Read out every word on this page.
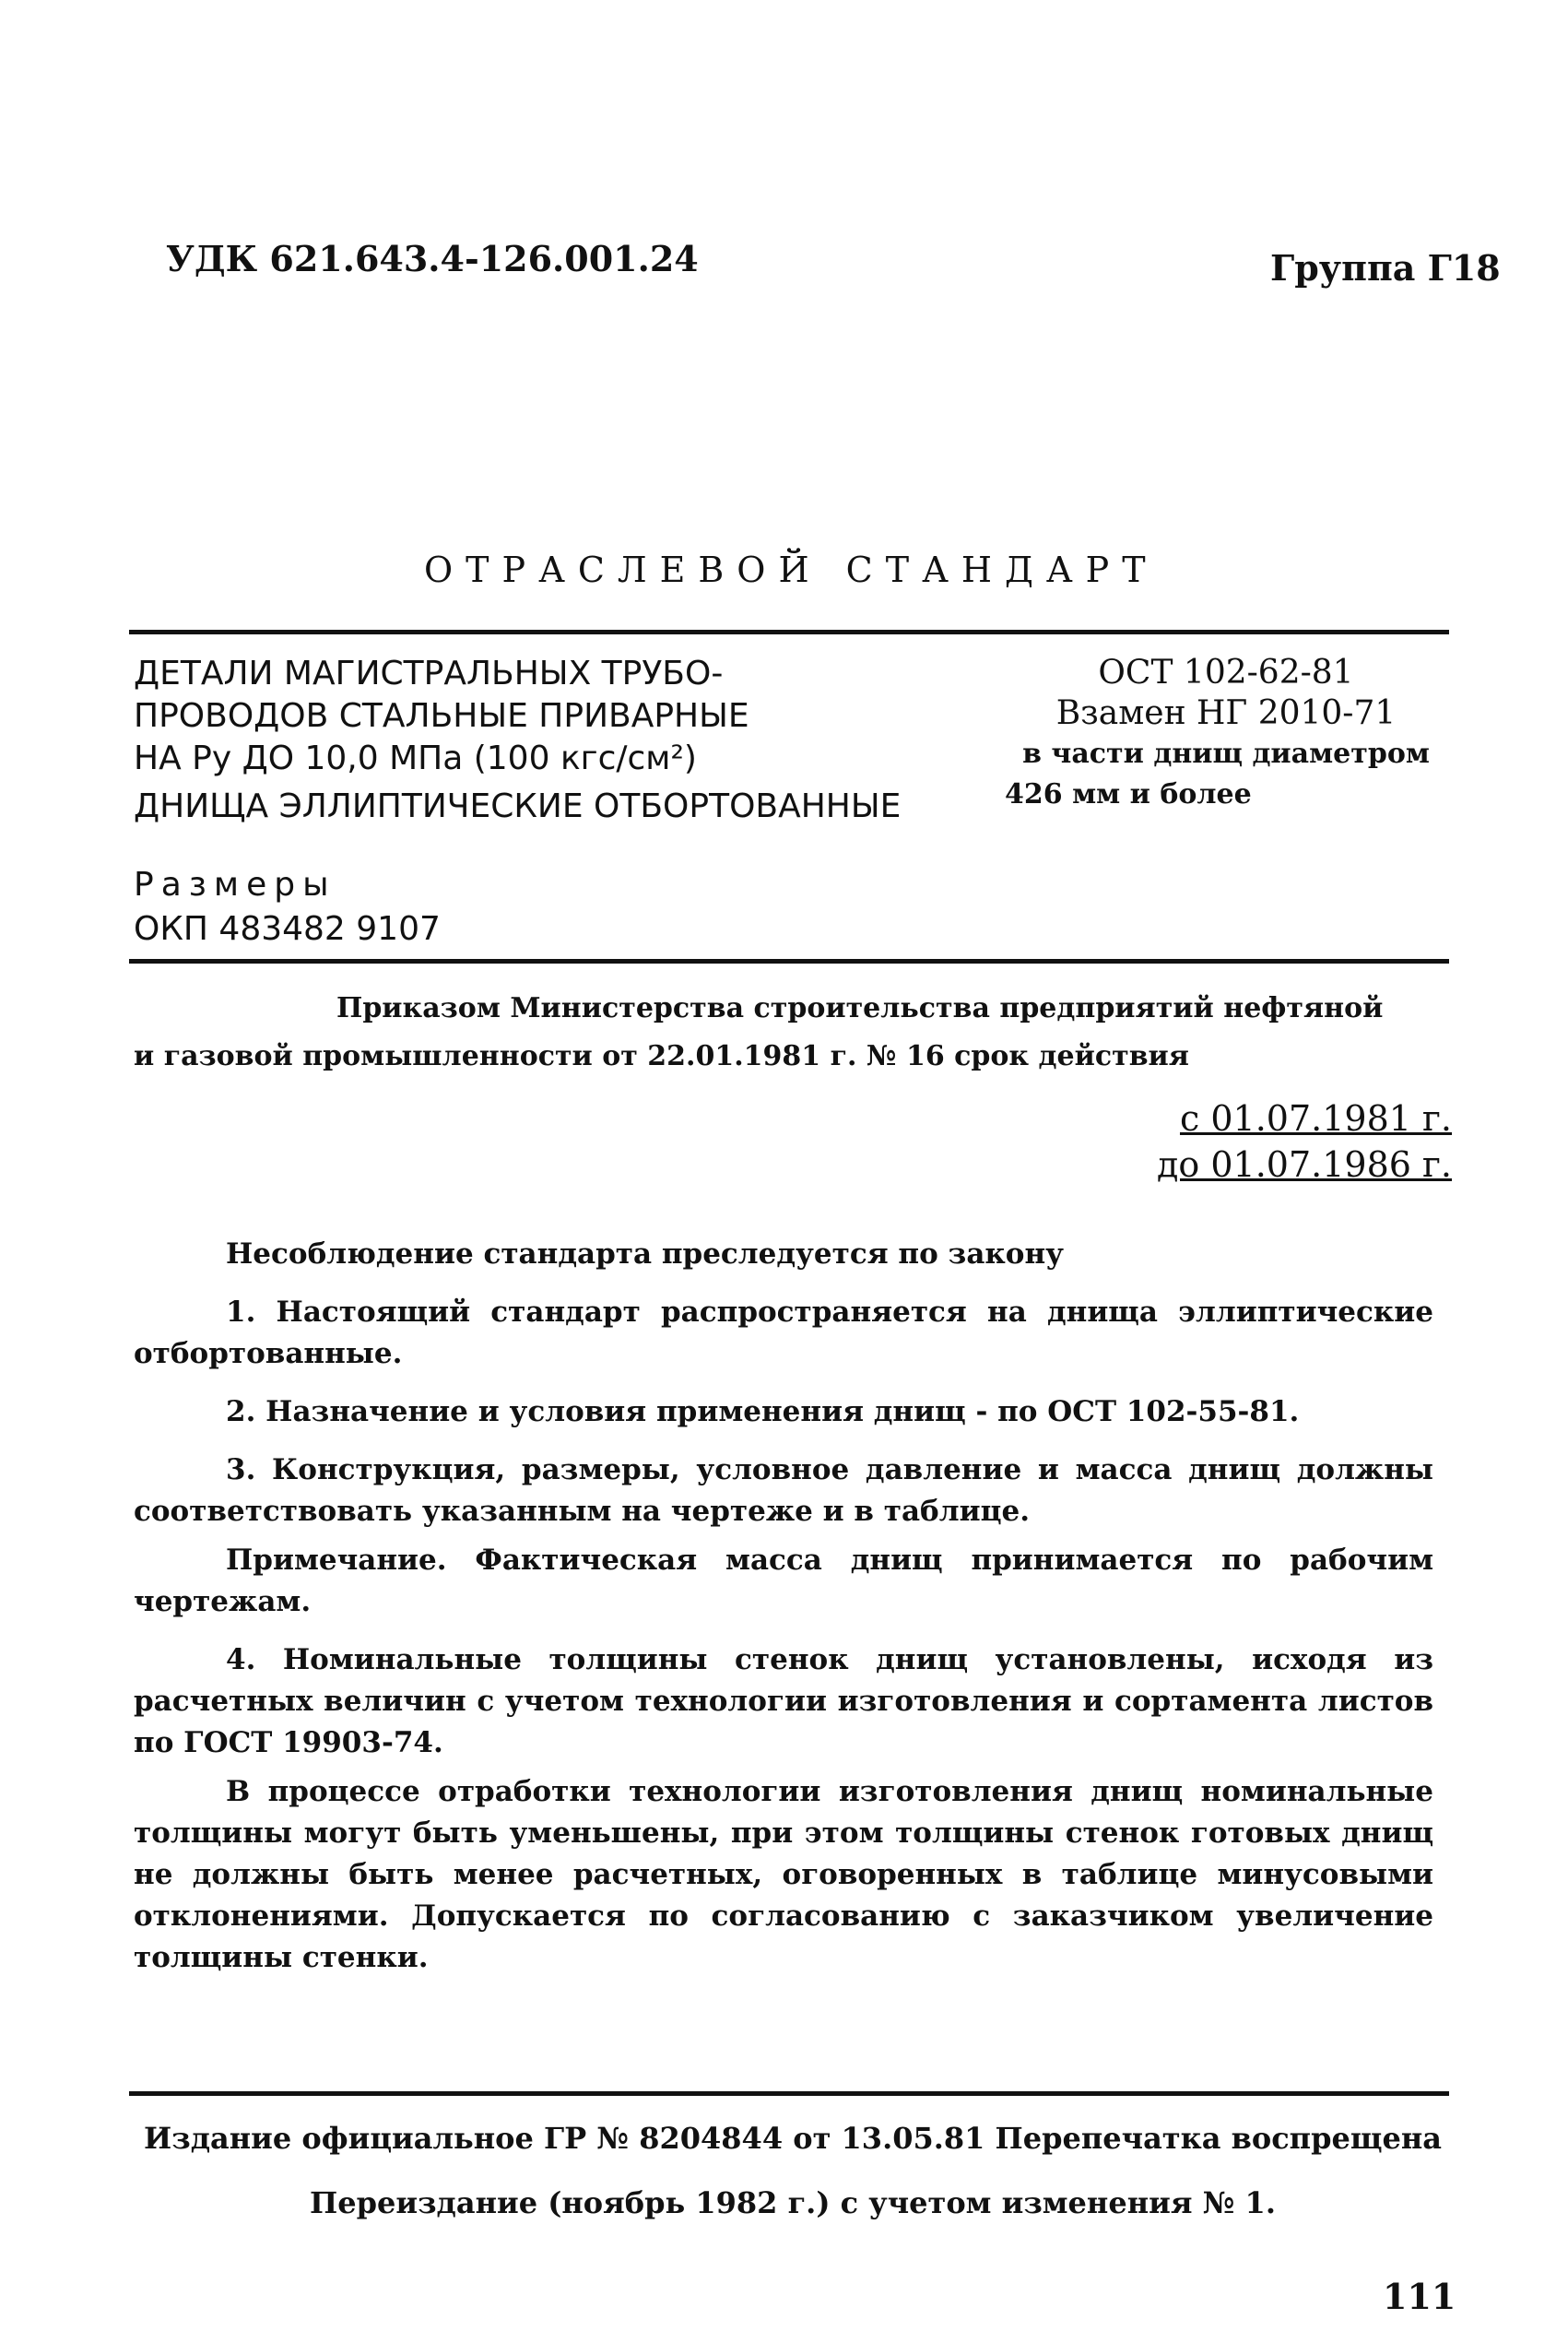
УДК 621.643.4-126.001.24	Группа Г18
ОТРАСЛЕВОЙ СТАНДАРТ
ДЕТАЛИ МАГИСТРАЛЬНЫХ ТРУБО-
ПРОВОДОВ СТАЛЬНЫЕ ПРИВАРНЫЕ
НА Pу ДО 10,0 МПа (100 кгс/см²)
ДНИЩА ЭЛЛИПТИЧЕСКИЕ ОТБОРТОВАННЫЕ
ОСТ 102-62-81
Взамен НГ 2010-71
в части днищ диаметром
426 мм и более
Размеры
ОКП 483482 9107
Приказом Министерства строительства предприятий нефтяной
и газовой промышленности от 22.01.1981 г. № 16 срок действия
с 01.07.1981 г.
до 01.07.1986 г.

Несоблюдение стандарта преследуется по закону

1. Настоящий стандарт распространяется на днища эллиптические отбортованные.

2. Назначение и условия применения днищ - по ОСТ 102-55-81.

3. Конструкция, размеры, условное давление и масса днищ должны соответствовать указанным на чертеже и в таблице.

Примечание. Фактическая масса днищ принимается по рабочим чертежам.

4. Номинальные толщины стенок днищ установлены, исходя из расчетных величин с учетом технологии изготовления и сортамента листов по ГОСТ 19903-74.

В процессе отработки технологии изготовления днищ номинальные толщины могут быть уменьшены, при этом толщины стенок готовых днищ не должны быть менее расчетных, оговоренных в таблице минусовыми отклонениями. Допускается по согласованию с заказчиком увеличение толщины стенки.

Издание официальное ГР № 8204844 от 13.05.81 Перепечатка воспрещена
Переиздание (ноябрь 1982 г.) с учетом изменения № 1.
111
